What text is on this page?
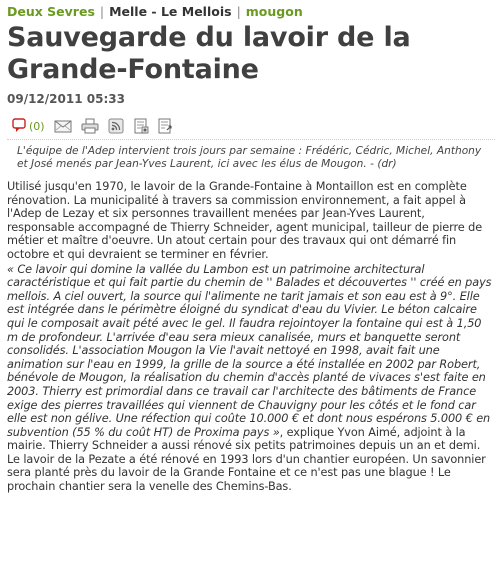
Deux Sevres | Melle - Le Mellois | mougon
Sauvegarde du lavoir de la Grande-Fontaine
09/12/2011 05:33
(0)

L'équipe de l'Adep intervient trois jours par semaine : Frédéric, Cédric, Michel, Anthony et José menés par Jean-Yves Laurent, ici avec les élus de Mougon. - (dr)

Utilisé jusqu'en 1970, le lavoir de la Grande-Fontaine à Montaillon est en complète rénovation. La municipalité à travers sa commission environnement, a fait appel à l'Adep de Lezay et six personnes travaillent menées par Jean-Yves Laurent, responsable accompagné de Thierry Schneider, agent municipal, tailleur de pierre de métier et maître d'oeuvre. Un atout certain pour des travaux qui ont démarré fin octobre et qui devraient se terminer en février.

« Ce lavoir qui domine la vallée du Lambon est un patrimoine architectural caractéristique et qui fait partie du chemin de '' Balades et découvertes '' créé en pays mellois. A ciel ouvert, la source qui l'alimente ne tarit jamais et son eau est à 9°. Elle est intégrée dans le périmètre éloigné du syndicat d'eau du Vivier. Le béton calcaire qui le composait avait pété avec le gel. Il faudra rejointoyer la fontaine qui est à 1,50 m de profondeur. L'arrivée d'eau sera mieux canalisée, murs et banquette seront consolidés. L'association Mougon la Vie l'avait nettoyé en 1998, avait fait une animation sur l'eau en 1999, la grille de la source a été installée en 2002 par Robert, bénévole de Mougon, la réalisation du chemin d'accès planté de vivaces s'est faite en 2003. Thierry est primordial dans ce travail car l'architecte des bâtiments de France exige des pierres travaillées qui viennent de Chauvigny pour les côtés et le fond car elle est non gélive. Une réfection qui coûte 10.000 € et dont nous espérons 5.000 € en subvention (55 % du coût HT) de Proxima pays », explique Yvon Aimé, adjoint à la mairie. Thierry Schneider a aussi rénové six petits patrimoines depuis un an et demi. Le lavoir de la Pezate a été rénové en 1993 lors d'un chantier européen. Un savonnier sera planté près du lavoir de la Grande Fontaine et ce n'est pas une blague ! Le prochain chantier sera la venelle des Chemins-Bas.
